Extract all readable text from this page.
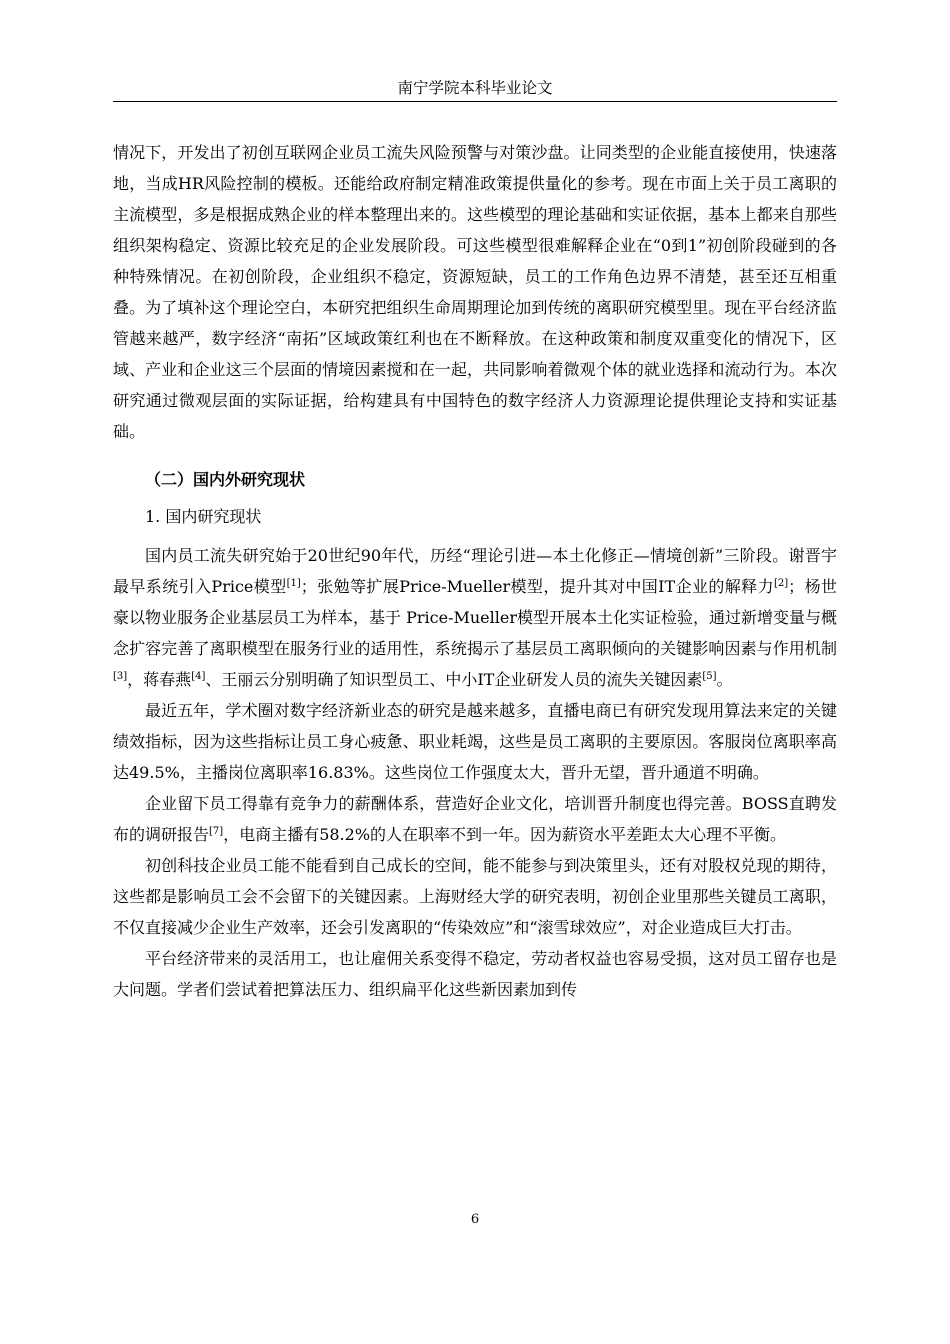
南宁学院本科毕业论文

情况下，开发出了初创互联网企业员工流失风险预警与对策沙盘。让同类型的企业能直接使用，快速落地，当成HR风险控制的模板。还能给政府制定精准政策提供量化的参考。现在市面上关于员工离职的主流模型，多是根据成熟企业的样本整理出来的。这些模型的理论基础和实证依据，基本上都来自那些组织架构稳定、资源比较充足的企业发展阶段。可这些模型很难解释企业在“0到1”初创阶段碰到的各种特殊情况。在初创阶段，企业组织不稳定，资源短缺，员工的工作角色边界不清楚，甚至还互相重叠。为了填补这个理论空白，本研究把组织生命周期理论加到传统的离职研究模型里。现在平台经济监管越来越严，数字经济“南拓”区域政策红利也在不断释放。在这种政策和制度双重变化的情况下，区域、产业和企业这三个层面的情境因素搅和在一起，共同影响着微观个体的就业选择和流动行为。本次研究通过微观层面的实际证据，给构建具有中国特色的数字经济人力资源理论提供理论支持和实证基础。

（二）国内外研究现状
1. 国内研究现状

国内员工流失研究始于20世纪90年代，历经“理论引进—本土化修正—情境创新”三阶段。谢晋宇最早系统引入Price模型[1]；张勉等扩展Price-Mueller模型，提升其对中国IT企业的解释力[2]；杨世豪以物业服务企业基层员工为样本，基于 Price-Mueller模型开展本土化实证检验，通过新增变量与概念扩容完善了离职模型在服务行业的适用性，系统揭示了基层员工离职倾向的关键影响因素与作用机制[3]，蒋春燕[4]、王丽云分别明确了知识型员工、中小IT企业研发人员的流失关键因素[5]。

最近五年，学术圈对数字经济新业态的研究是越来越多，直播电商已有研究发现用算法来定的关键绩效指标，因为这些指标让员工身心疲惫、职业耗竭，这些是员工离职的主要原因。客服岗位离职率高达49.5%，主播岗位离职率16.83%。这些岗位工作强度太大，晋升无望，晋升通道不明确。

企业留下员工得靠有竞争力的薪酬体系，营造好企业文化，培训晋升制度也得完善。BOSS直聘发布的调研报告[7]，电商主播有58.2%的人在职率不到一年。因为薪资水平差距太大心理不平衡。

初创科技企业员工能不能看到自己成长的空间，能不能参与到决策里头，还有对股权兑现的期待，这些都是影响员工会不会留下的关键因素。上海财经大学的研究表明，初创企业里那些关键员工离职，不仅直接减少企业生产效率，还会引发离职的“传染效应”和“滚雪球效应”，对企业造成巨大打击。

平台经济带来的灵活用工，也让雇佣关系变得不稳定，劳动者权益也容易受损，这对员工留存也是大问题。学者们尝试着把算法压力、组织扁平化这些新因素加到传

6
